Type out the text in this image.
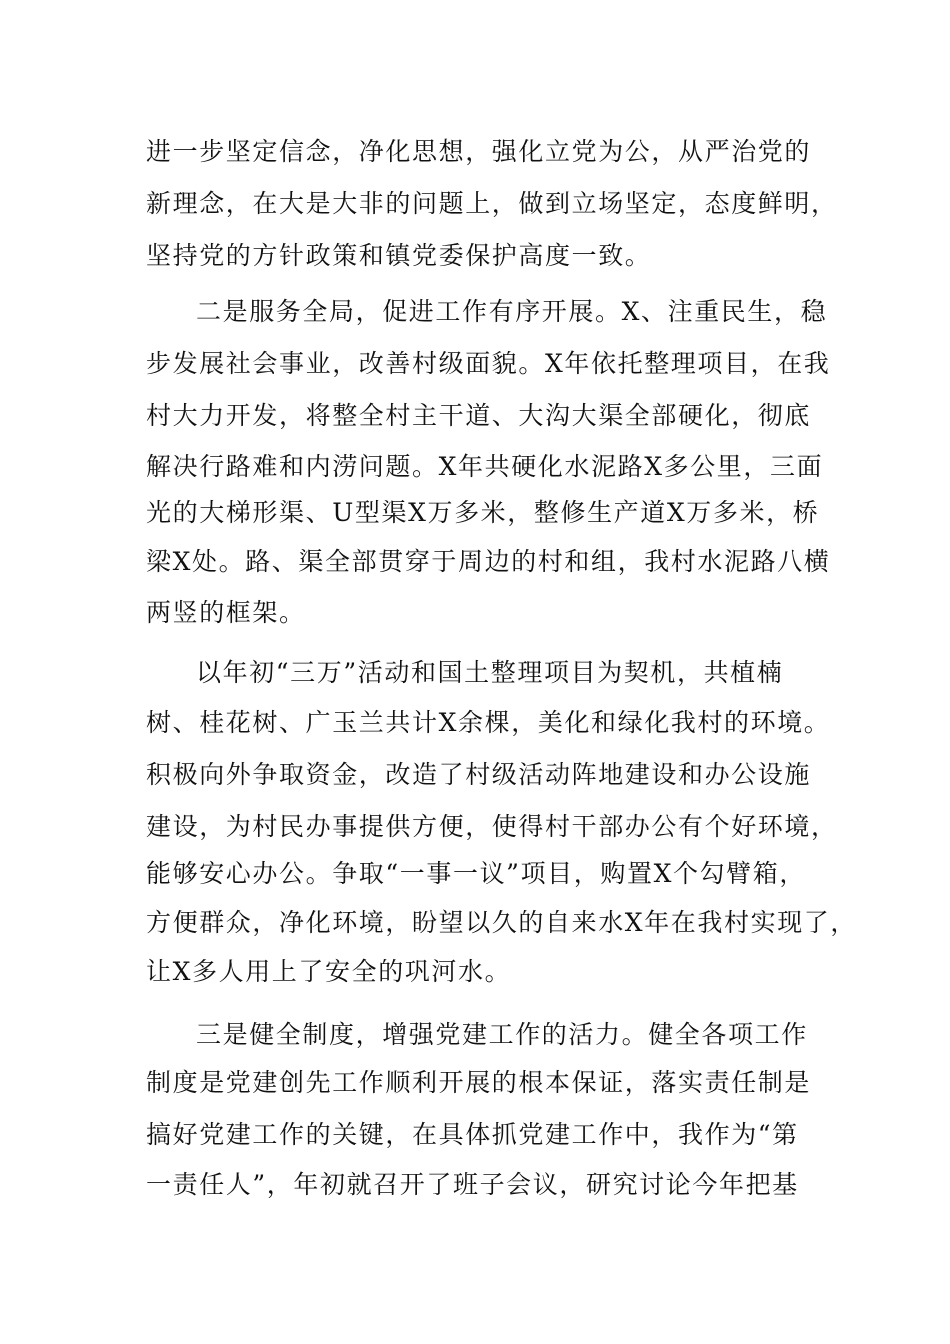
进一步坚定信念，净化思想，强化立党为公，从严治党的
新理念，在大是大非的问题上，做到立场坚定，态度鲜明，
坚持党的方针政策和镇党委保护高度一致。
二是服务全局，促进工作有序开展。X、注重民生，稳
步发展社会事业，改善村级面貌。X年依托整理项目，在我
村大力开发，将整全村主干道、大沟大渠全部硬化，彻底
解决行路难和内涝问题。X年共硬化水泥路X多公里，三面
光的大梯形渠、U型渠X万多米，整修生产道X万多米，桥
梁X处。路、渠全部贯穿于周边的村和组，我村水泥路八横
两竖的框架。
以年初“三万”活动和国土整理项目为契机，共植楠
树、桂花树、广玉兰共计X余棵，美化和绿化我村的环境。
积极向外争取资金，改造了村级活动阵地建设和办公设施
建设，为村民办事提供方便，使得村干部办公有个好环境，
能够安心办公。争取“一事一议”项目，购置X个勾臂箱，
方便群众，净化环境，盼望以久的自来水X年在我村实现了，
让X多人用上了安全的巩河水。
三是健全制度，增强党建工作的活力。健全各项工作
制度是党建创先工作顺利开展的根本保证，落实责任制是
搞好党建工作的关键，在具体抓党建工作中，我作为“第
一责任人”，年初就召开了班子会议，研究讨论今年把基
